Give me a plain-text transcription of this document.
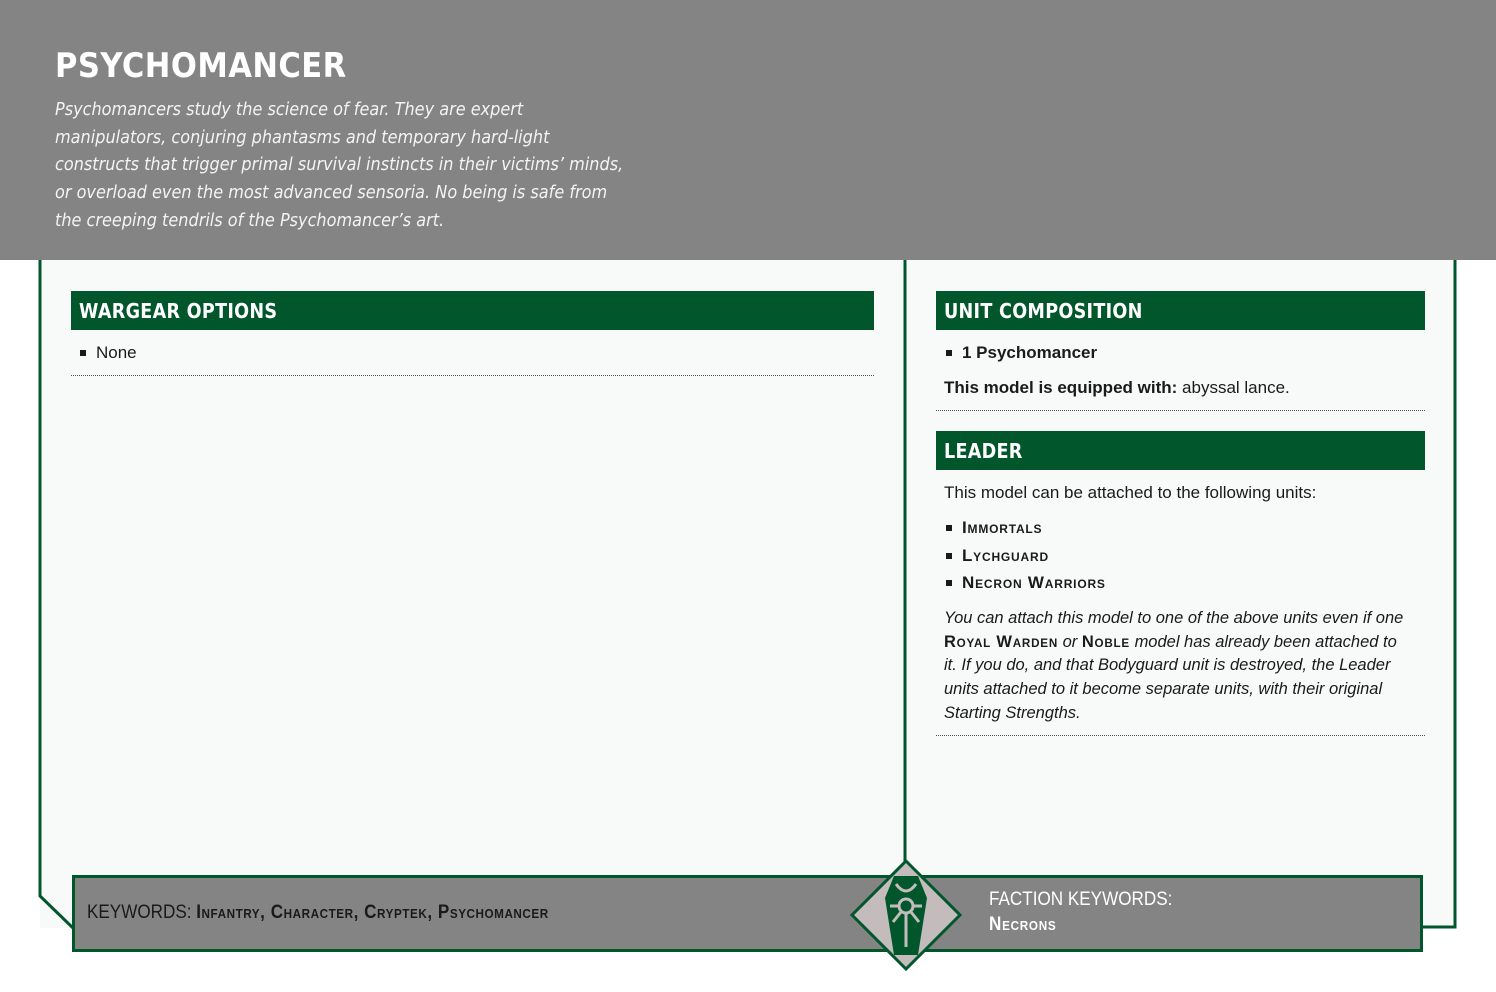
PSYCHOMANCER
Psychomancers study the science of fear. They are expert manipulators, conjuring phantasms and temporary hard-light constructs that trigger primal survival instincts in their victims’ minds, or overload even the most advanced sensoria. No being is safe from the creeping tendrils of the Psychomancer’s art.
WARGEAR OPTIONS
None
UNIT COMPOSITION
1 Psychomancer
This model is equipped with: abyssal lance.
LEADER
This model can be attached to the following units:
Immortals
Lychguard
Necron Warriors
You can attach this model to one of the above units even if one Royal Warden or Noble model has already been attached to it. If you do, and that Bodyguard unit is destroyed, the Leader units attached to it become separate units, with their original Starting Strengths.
KEYWORDS: Infantry, Character, Cryptek, Psychomancer
FACTION KEYWORDS:
Necrons
